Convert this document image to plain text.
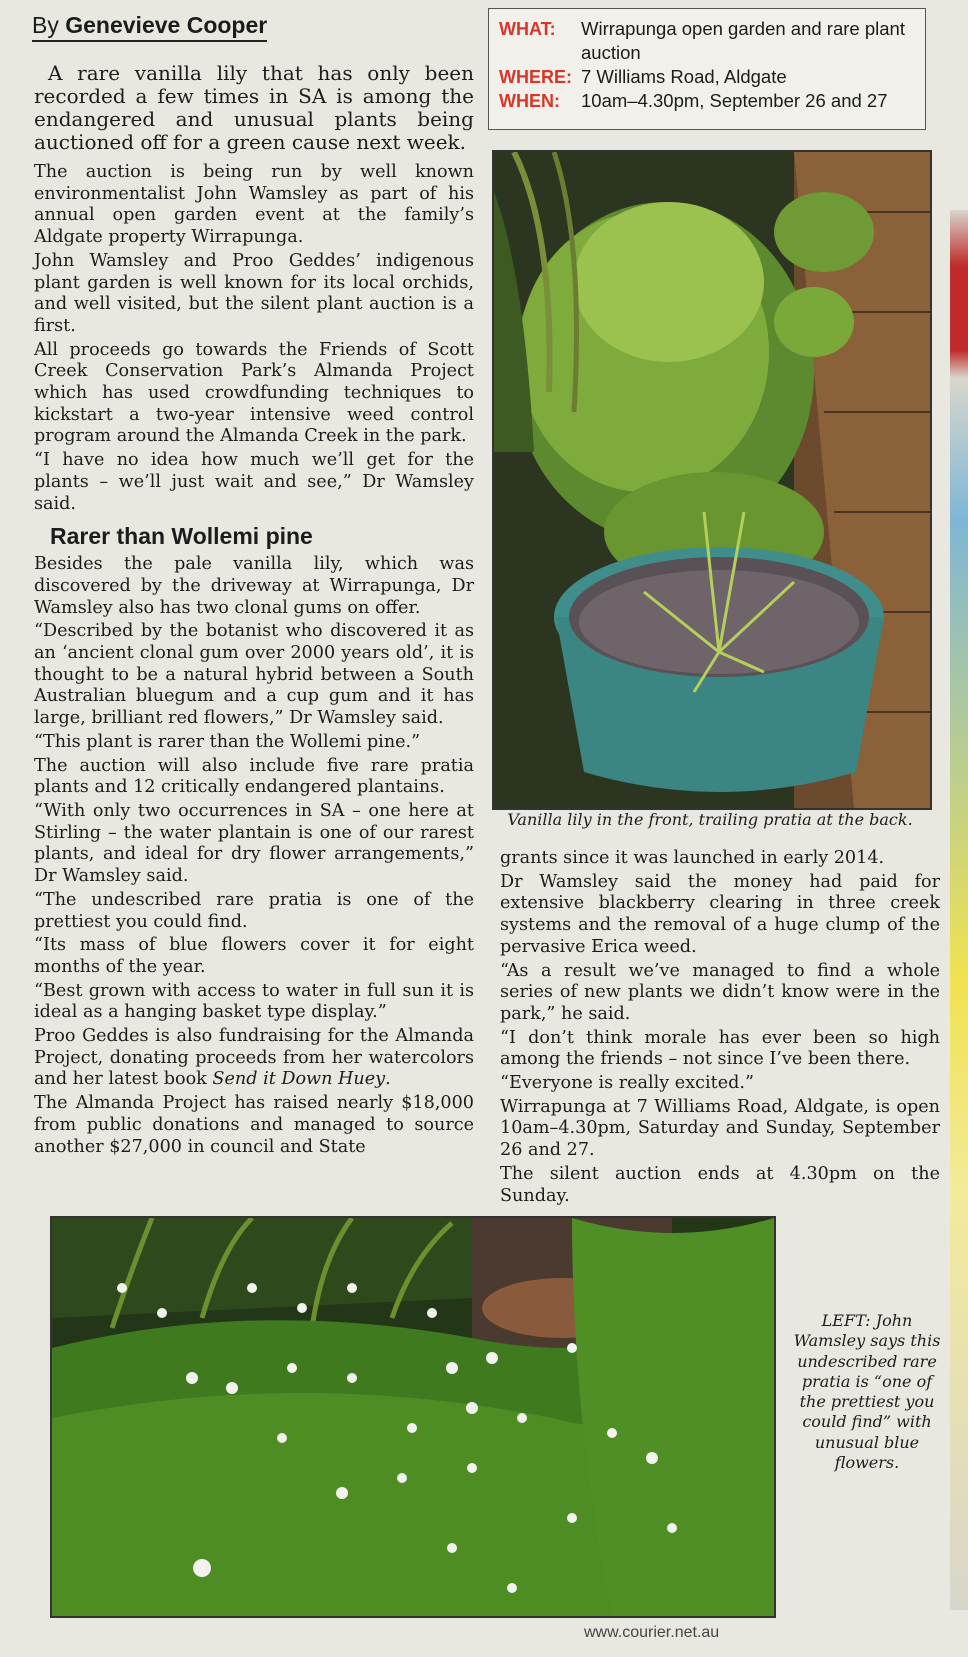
By Genevieve Cooper	WHAT:	Wirrapunga open garden and rare plant auction
WHERE: 7 Williams Road, Aldgate
WHEN:	10am–4.30pm, September 26 and 27

A rare vanilla lily that has only been recorded a few times in SA is among the endangered and unusual plants being auctioned off for a green cause next week.

The auction is being run by well known environmentalist John Wamsley as part of his annual open garden event at the family’s Aldgate property Wirrapunga.

John Wamsley and Proo Geddes’ indigenous plant garden is well known for its local orchids, and well visited, but the silent plant auction is a first.

All proceeds go towards the Friends of Scott Creek Conservation Park’s Almanda Project which has used crowdfunding techniques to kickstart a two-year intensive weed control program around the Almanda Creek in the park.

“I have no idea how much we’ll get for the plants – we’ll just wait and see,” Dr Wamsley said.

Rarer than Wollemi pine

Besides the pale vanilla lily, which was discovered by the driveway at Wirrapunga, Dr Wamsley also has two clonal gums on offer.

“Described by the botanist who discovered it as an ‘ancient clonal gum over 2000 years old’, it is thought to be a natural hybrid between a South Australian bluegum and a cup gum and it has large, brilliant red flowers,” Dr Wamsley said.

“This plant is rarer than the Wollemi pine.”

The auction will also include five rare pratia plants and 12 critically endangered plantains.

“With only two occurrences in SA – one here at Stirling – the water plantain is one of our rarest plants, and ideal for dry flower arrangements,” Dr Wamsley said.

“The undescribed rare pratia is one of the prettiest you could find.

“Its mass of blue flowers cover it for eight months of the year.

“Best grown with access to water in full sun it is ideal as a hanging basket type display.”

Proo Geddes is also fundraising for the Almanda Project, donating proceeds from her watercolors and her latest book Send it Down Huey.

The Almanda Project has raised nearly $18,000 from public donations and managed to source another $27,000 in council and State

Vanilla lily in the front, trailing pratia at the back.

grants since it was launched in early 2014.

Dr Wamsley said the money had paid for extensive blackberry clearing in three creek systems and the removal of a huge clump of the pervasive Erica weed.

“As a result we’ve managed to find a whole series of new plants we didn’t know were in the park,” he said.

“I don’t think morale has ever been so high among the friends – not since I’ve been there.

“Everyone is really excited.”

Wirrapunga at 7 Williams Road, Aldgate, is open 10am–4.30pm, Saturday and Sunday, September 26 and 27.

The silent auction ends at 4.30pm on the Sunday.

LEFT: John Wamsley says this undescribed rare pratia is “one of the prettiest you could find” with unusual blue flowers.
www.courier.net.au
